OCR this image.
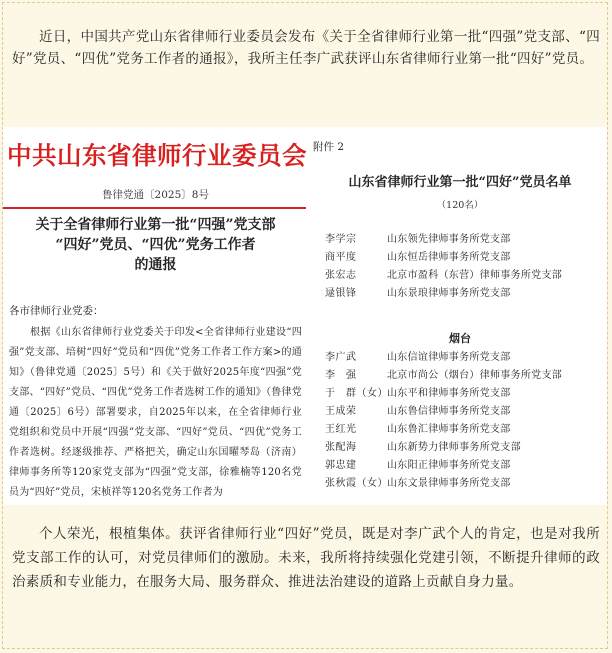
近日，中国共产党山东省律师行业委员会发布《关于全省律师行业第一批“四强”党支部、“四好”党员、“四优”党务工作者的通报》，我所主任李广武获评山东省律师行业第一批“四好”党员。

中共山东省律师行业委员会
鲁律党通〔2025〕8号
关于全省律师行业第一批“四强”党支部
“四好”党员、“四优”党务工作者
的通报
各市律师行业党委：
根据《山东省律师行业党委关于印发<全省律师行业建设“四强”党支部、培树“四好”党员和“四优”党务工作者工作方案>的通知》（鲁律党通〔2025〕5号）和《关于做好2025年度“四强”党支部、“四好”党员、“四优”党务工作者选树工作的通知》（鲁律党通〔2025〕6号）部署要求，自2025年以来，在全省律师行业党组织和党员中开展“四强”党支部、“四好”党员、“四优”党务工作者选树。经逐级推荐、严格把关，确定山东国曜琴岛（济南）律师事务所等120家党支部为“四强”党支部，徐雅楠等120名党员为“四好”党员，宋桢祥等120名党务工作者为
附件 2
山东省律师行业第一批“四好”党员名单
（120名）
李学宗	山东领先律师事务所党支部
商平度	山东恒岳律师事务所党支部
张宏志	北京市盈科（东营）律师事务所党支部
逯银锋	山东景琅律师事务所党支部
烟台
李广武	山东信谊律师事务所党支部
李　强	北京市尚公（烟台）律师事务所党支部
于　群（女）山东平和律师事务所党支部
王成荣	山东鲁信律师事务所党支部
王红光	山东鲁汇律师事务所党支部
张配海	山东新势力律师事务所党支部
郭忠建	山东阳正律师事务所党支部
张秋霞（女）山东文景律师事务所党支部

个人荣光，根植集体。获评省律师行业“四好”党员，既是对李广武个人的肯定，也是对我所党支部工作的认可，对党员律师们的激励。未来，我所将持续强化党建引领，不断提升律师的政治素质和专业能力，在服务大局、服务群众、推进法治建设的道路上贡献自身力量。
